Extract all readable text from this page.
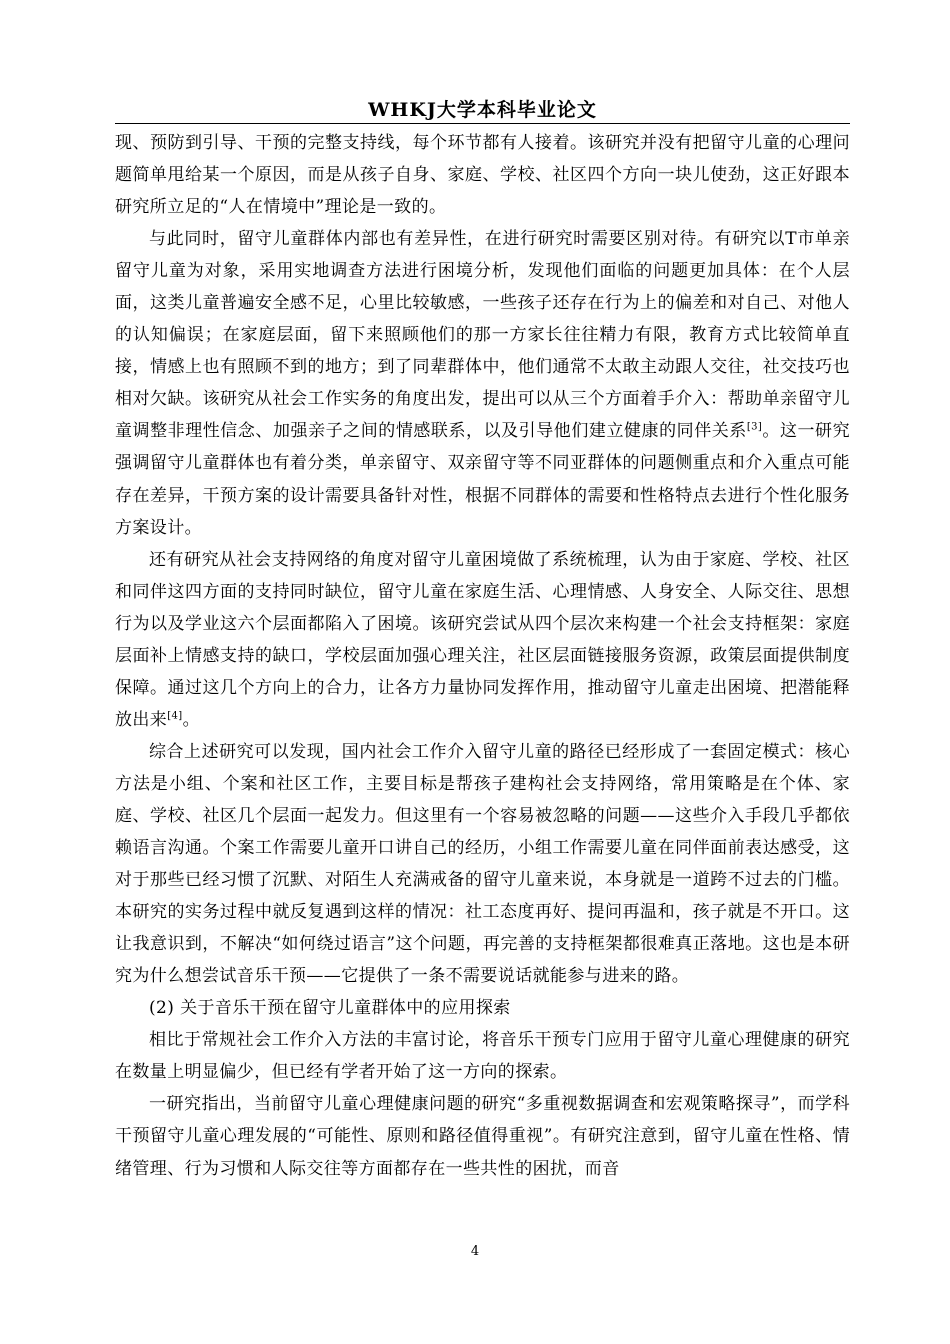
WHKJ大学本科毕业论文

现、预防到引导、干预的完整支持线，每个环节都有人接着。该研究并没有把留守儿童的心理问题简单甩给某一个原因，而是从孩子自身、家庭、学校、社区四个方向一块儿使劲，这正好跟本研究所立足的“人在情境中”理论是一致的。

与此同时，留守儿童群体内部也有差异性，在进行研究时需要区别对待。有研究以T市单亲留守儿童为对象，采用实地调查方法进行困境分析，发现他们面临的问题更加具体：在个人层面，这类儿童普遍安全感不足，心里比较敏感，一些孩子还存在行为上的偏差和对自己、对他人的认知偏误；在家庭层面，留下来照顾他们的那一方家长往往精力有限，教育方式比较简单直接，情感上也有照顾不到的地方；到了同辈群体中，他们通常不太敢主动跟人交往，社交技巧也相对欠缺。该研究从社会工作实务的角度出发，提出可以从三个方面着手介入：帮助单亲留守儿童调整非理性信念、加强亲子之间的情感联系，以及引导他们建立健康的同伴关系[3]。这一研究强调留守儿童群体也有着分类，单亲留守、双亲留守等不同亚群体的问题侧重点和介入重点可能存在差异，干预方案的设计需要具备针对性，根据不同群体的需要和性格特点去进行个性化服务方案设计。

还有研究从社会支持网络的角度对留守儿童困境做了系统梳理，认为由于家庭、学校、社区和同伴这四方面的支持同时缺位，留守儿童在家庭生活、心理情感、人身安全、人际交往、思想行为以及学业这六个层面都陷入了困境。该研究尝试从四个层次来构建一个社会支持框架：家庭层面补上情感支持的缺口，学校层面加强心理关注，社区层面链接服务资源，政策层面提供制度保障。通过这几个方向上的合力，让各方力量协同发挥作用，推动留守儿童走出困境、把潜能释放出来[4]。

综合上述研究可以发现，国内社会工作介入留守儿童的路径已经形成了一套固定模式：核心方法是小组、个案和社区工作，主要目标是帮孩子建构社会支持网络，常用策略是在个体、家庭、学校、社区几个层面一起发力。但这里有一个容易被忽略的问题——这些介入手段几乎都依赖语言沟通。个案工作需要儿童开口讲自己的经历，小组工作需要儿童在同伴面前表达感受，这对于那些已经习惯了沉默、对陌生人充满戒备的留守儿童来说，本身就是一道跨不过去的门槛。本研究的实务过程中就反复遇到这样的情况：社工态度再好、提问再温和，孩子就是不开口。这让我意识到，不解决“如何绕过语言”这个问题，再完善的支持框架都很难真正落地。这也是本研究为什么想尝试音乐干预——它提供了一条不需要说话就能参与进来的路。

(2) 关于音乐干预在留守儿童群体中的应用探索

相比于常规社会工作介入方法的丰富讨论，将音乐干预专门应用于留守儿童心理健康的研究在数量上明显偏少，但已经有学者开始了这一方向的探索。

一研究指出，当前留守儿童心理健康问题的研究“多重视数据调查和宏观策略探寻”，而学科干预留守儿童心理发展的“可能性、原则和路径值得重视”。有研究注意到，留守儿童在性格、情绪管理、行为习惯和人际交往等方面都存在一些共性的困扰，而音

4
